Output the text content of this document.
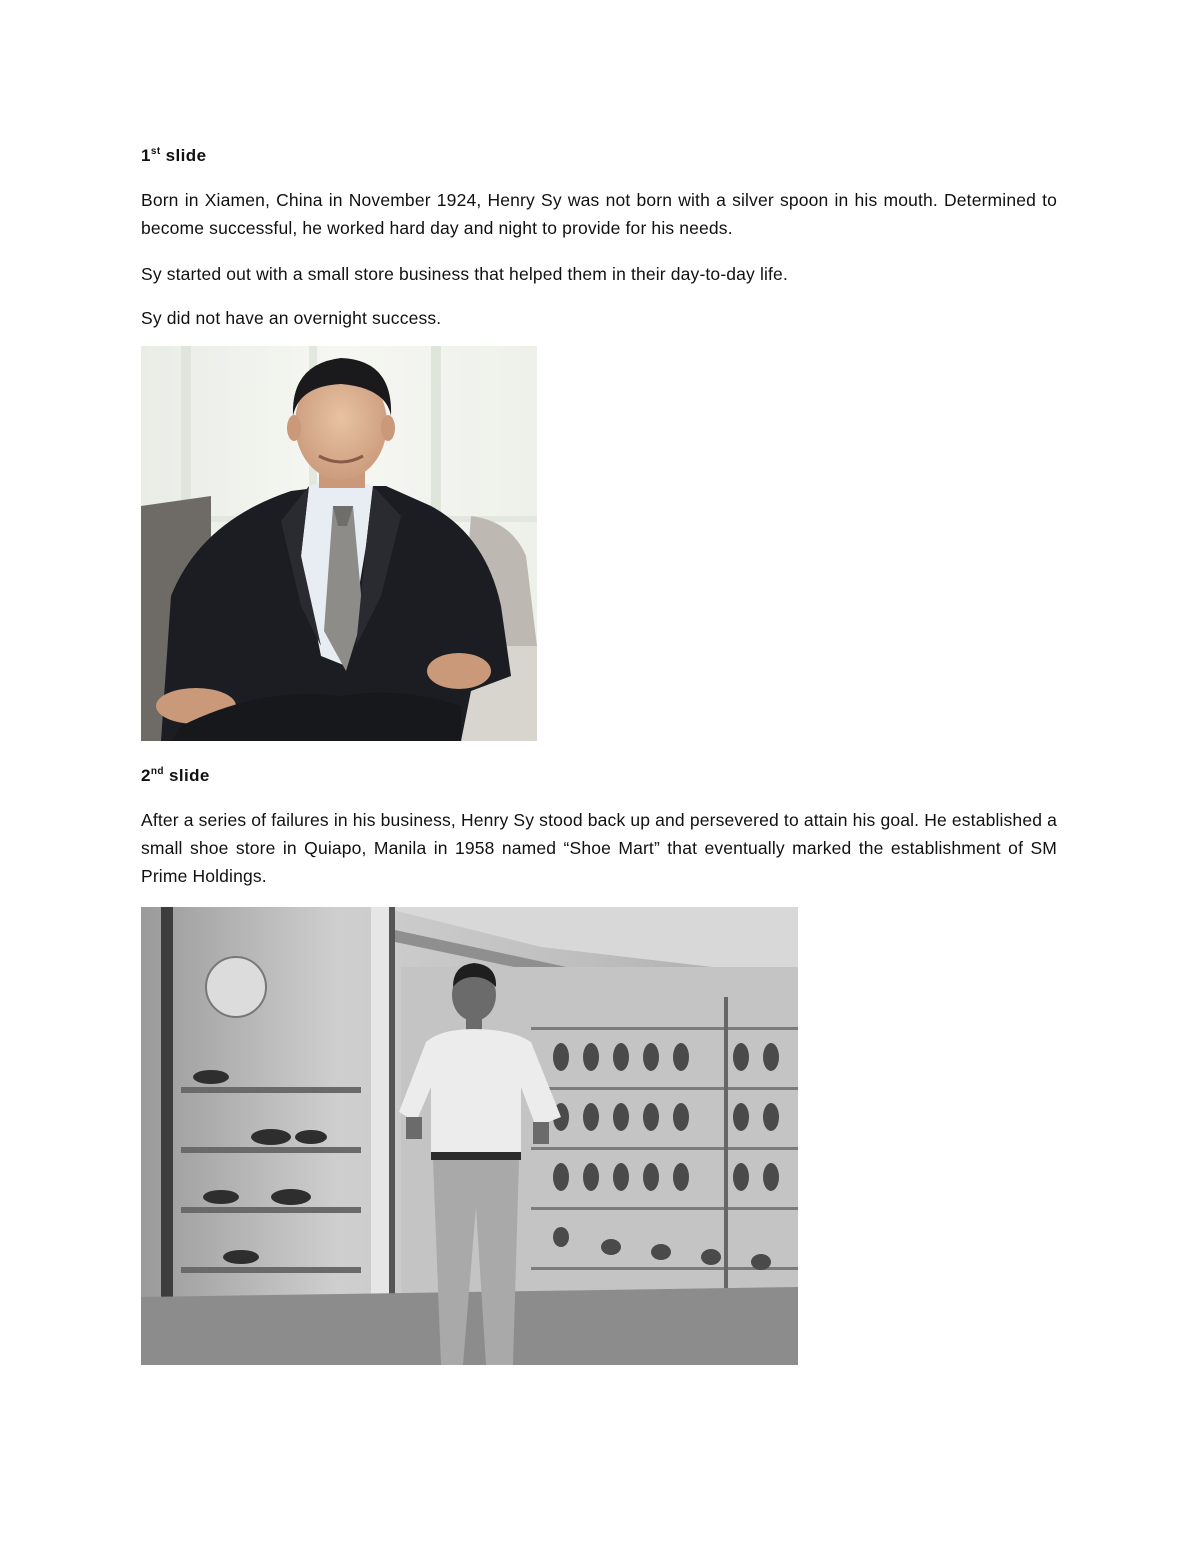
1st slide

Born in Xiamen, China in November 1924, Henry Sy was not born with a silver spoon in his mouth. Determined to become successful, he worked hard day and night to provide for his needs.

Sy started out with a small store business that helped them in their day-to-day life.

Sy did not have an overnight success.

2nd slide

After a series of failures in his business, Henry Sy stood back up and persevered to attain his goal. He established a small shoe store in Quiapo, Manila in 1958 named “Shoe Mart” that eventually marked the establishment of SM Prime Holdings.
